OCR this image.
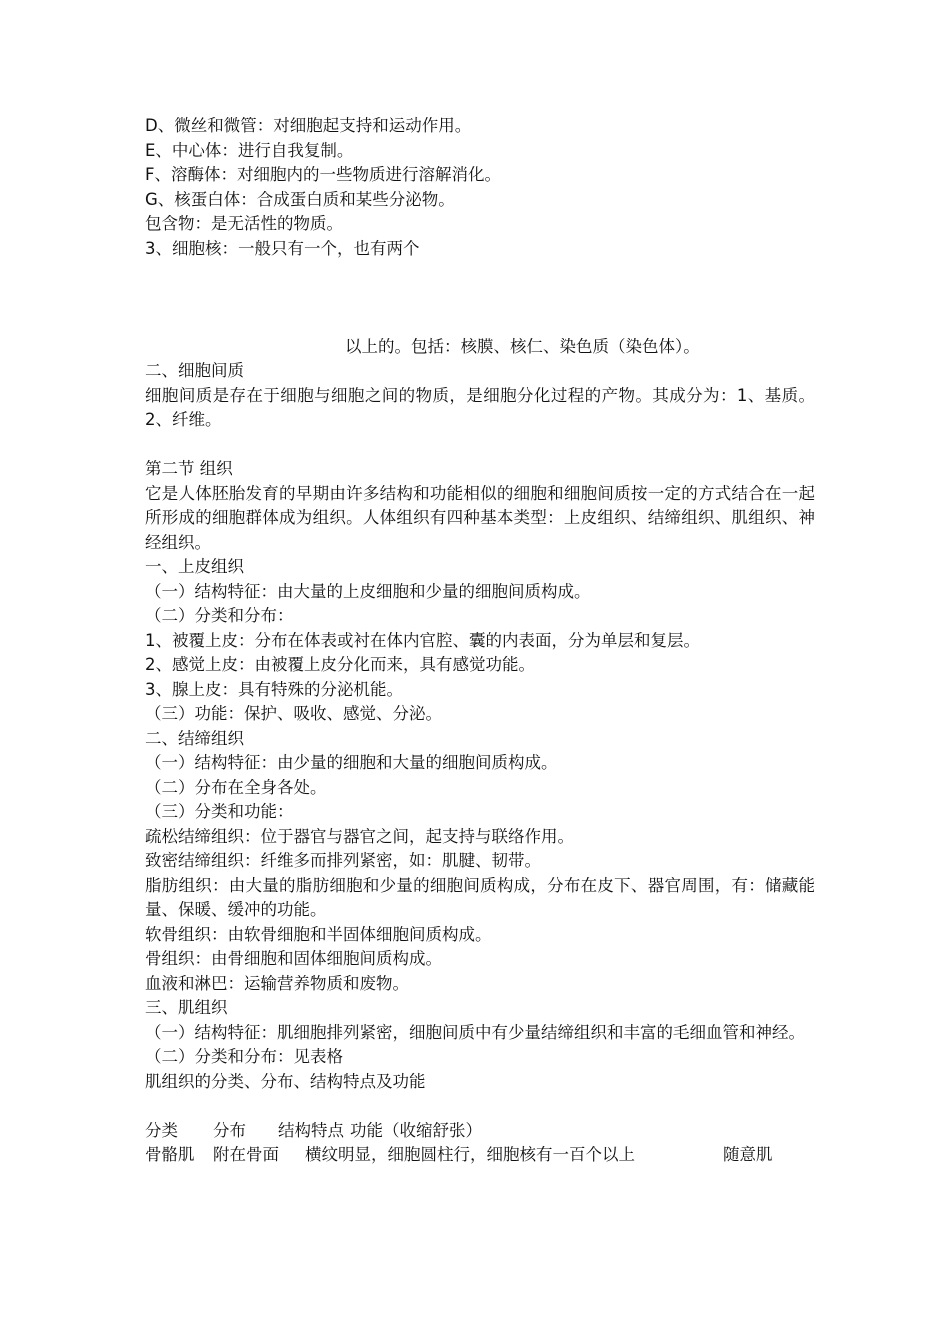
D、微丝和微管：对细胞起支持和运动作用。

E、中心体：进行自我复制。

F、溶酶体：对细胞内的一些物质进行溶解消化。

G、核蛋白体：合成蛋白质和某些分泌物。

包含物：是无活性的物质。

3、细胞核：一般只有一个，也有两个

以上的。包括：核膜、核仁、染色质（染色体）。

二、细胞间质

细胞间质是存在于细胞与细胞之间的物质，是细胞分化过程的产物。其成分为：1、基质。2、纤维。

第二节 组织

它是人体胚胎发育的早期由许多结构和功能相似的细胞和细胞间质按一定的方式结合在一起所形成的细胞群体成为组织。人体组织有四种基本类型：上皮组织、结缔组织、肌组织、神经组织。

一、上皮组织

（一）结构特征：由大量的上皮细胞和少量的细胞间质构成。

（二）分类和分布：

1、被覆上皮：分布在体表或衬在体内官腔、囊的内表面，分为单层和复层。

2、感觉上皮：由被覆上皮分化而来，具有感觉功能。

3、腺上皮：具有特殊的分泌机能。

（三）功能：保护、吸收、感觉、分泌。

二、结缔组织

（一）结构特征：由少量的细胞和大量的细胞间质构成。

（二）分布在全身各处。

（三）分类和功能：

疏松结缔组织：位于器官与器官之间，起支持与联络作用。

致密结缔组织：纤维多而排列紧密，如：肌腱、韧带。

脂肪组织：由大量的脂肪细胞和少量的细胞间质构成，分布在皮下、器官周围，有：储藏能量、保暖、缓冲的功能。

软骨组织：由软骨细胞和半固体细胞间质构成。

骨组织：由骨细胞和固体细胞间质构成。

血液和淋巴：运输营养物质和废物。

三、肌组织

（一）结构特征：肌细胞排列紧密，细胞间质中有少量结缔组织和丰富的毛细血管和神经。

（二）分类和分布：见表格

肌组织的分类、分布、结构特点及功能

分类	分布	结构特点 功能（收缩舒张）
骨骼肌	附在骨面	横纹明显，细胞圆柱行，细胞核有一百个以上	随意肌
